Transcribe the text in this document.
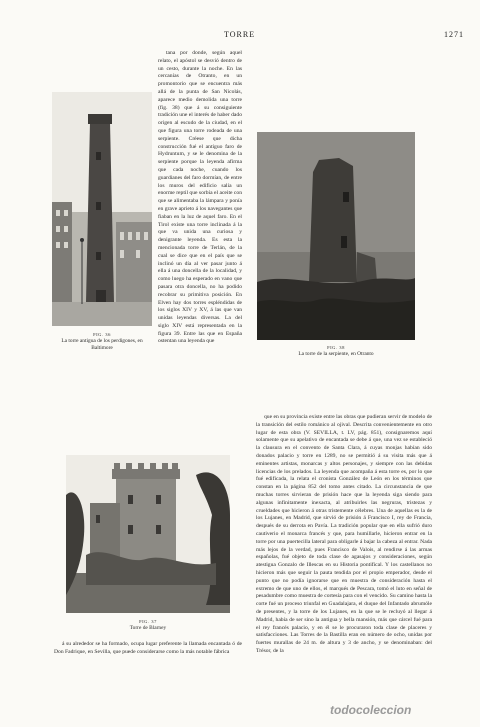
TORRE	1271
FIG. 36
La torre antigua de los perdigones, en Baltimore

tana por donde, según aquel relato, el apóstol se desvió dentro de un cesto, durante la noche. En las cercanías de Otranto, en un promontorio que se encuentra más allá de la punta de San Nicolás, aparece medio demolida una torre (fig. 38) que á su consiguiente tradición une el interés de haber dado origen al escudo de la ciudad, en el que figura una torre rodeada de una serpiente. Créese que dicha construcción fué el antiguo faro de Hydruntum, y se le denomina de la serpiente porque la leyenda afirma que cada noche, cuando los guardianes del faro dormían, de entre los muros del edificio salía un enorme reptil que sorbía el aceite con que se alimentaba la lámpara y ponía en grave aprieto á los navegantes que fiaban en la luz de aquel faro. En el Tirol existe una torre inclinada á la que va unida una curiosa y denigrante leyenda. Es esta la mencionada torre de Terlán, de la cual se dice que en el país que se inclinó un día al ver pasar junto á ella á una doncella de la localidad, y como luego ha esperado en vano que pasara otra doncella, no ha podido recobrar su primitiva posición. En Elven hay dos torres espléndidas de los siglos XIV y XV, á las que van unidas leyendas diversas. La del siglo XIV está representada en la figura 39. Entre las que en España ostentan una leyenda que

FIG. 37
Torre de Blarney

á su alrededor se ha formado, ocupa lugar preferente la llamada encantada ó de Don Fadrique, en Sevilla, que puede considerarse como la más notable fábrica

que en su provincia existe entre las obras que pudieran servir de modelo de la transición del estilo románico al ojival. Descrita convenientemente en otro lugar de esta obra (V. SEVILLA, t. LV, pág. 851), consignaremos aquí solamente que su apelativo de encantada se debe á que, una vez se estableció la clausura en el convento de Santa Clara, á cuyas monjas habían sido donados palacio y torre en 1289, no se permitió á su visita más que á eminentes artistas, monarcas y altos personajes, y siempre con las debidas licencias de los prelados. La leyenda que acompaña á esta torre es, por lo que fué edificada, la relata el cronista González de León en los términos que constan en la página 852 del tomo antes citado. La circunstancia de que muchas torres sirvieran de prisión hace que la leyenda siga siendo para algunas infinitamente inexacta, al atribuirles las negruras, tristezas y crueldades que hicieron á otras tristemente célebres. Una de aquellas es la de los Lujanes, en Madrid, que sirvió de prisión á Francisco I, rey de Francia, después de su derrota en Pavía. La tradición popular que en ella sufrió duro cautiverio el monarca francés y que, para humillarle, hicieron entrar en la torre por una puertecilla lateral para obligarle á bajar la cabeza al entrar. Nada más lejos de la verdad, pues Francisco de Valois, al rendirse á las armas españolas, fué objeto de toda clase de agasajos y consideraciones, según atestigua Gonzalo de Illescas en su Historia pontifical. Y los castellanos no hicieron más que seguir la pauta tendida por el propio emperador, desde el punto que no podía ignorarse que en muestra de consideración hasta el extremo de que uno de ellos, el marqués de Pescara, tomó el luto en señal de pesadumbre como muestra de cortesía para con el vencido. Su camino hasta la corte fué un proceso triunfal en Guadalajara, el duque del Infantado abrumóle de presentes, y la torre de los Lujanes, en la que se le recluyó al llegar á Madrid, había de ser sino la antigua y bella mansión, más que cárcel fué para el rey francés palacio, y en él se le procuraron toda clase de placeres y satisfacciones. Las Torres de la Bastilla eran en número de ocho, unidas por fuertes murallas de 24 m. de altura y 3 de ancho, y se denominaban: del Trésor, de la

FIG. 38
La torre de la serpiente, en Otranto
todocoleccion
